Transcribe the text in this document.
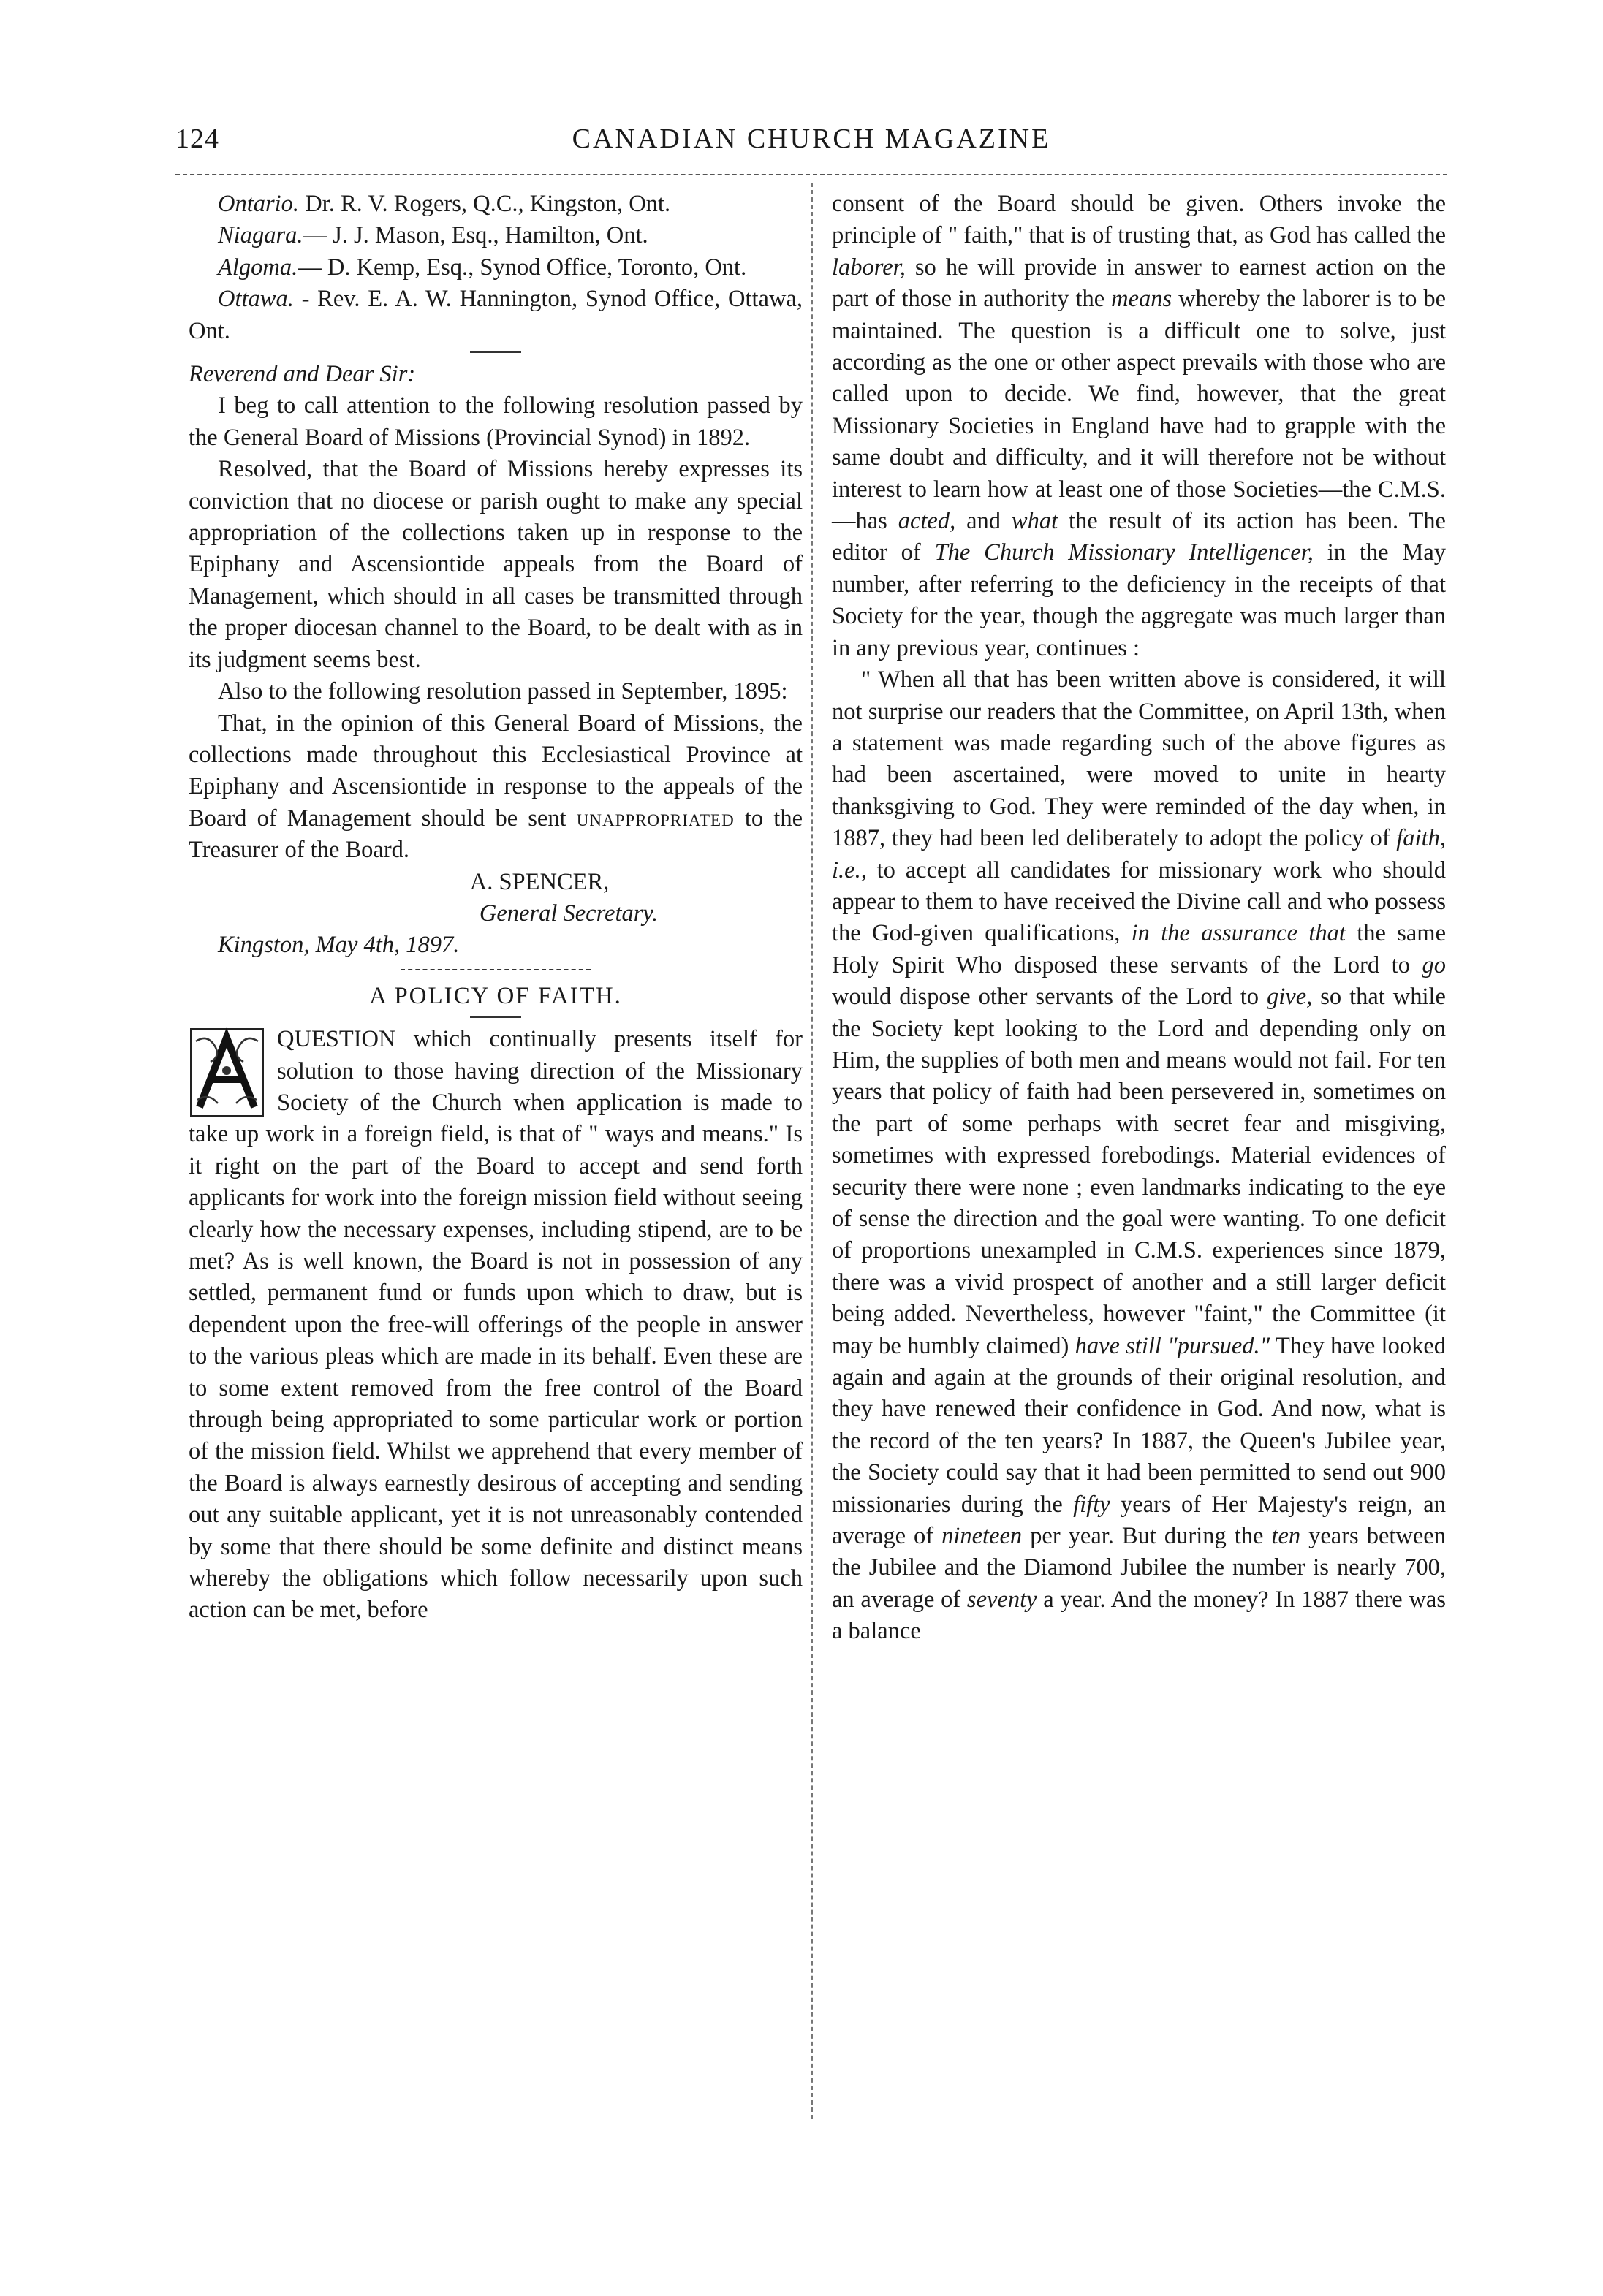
124	CANADIAN CHURCH MAGAZINE

Ontario. Dr. R. V. Rogers, Q.C., Kingston, Ont.

Niagara.— J. J. Mason, Esq., Hamilton, Ont.

Algoma.— D. Kemp, Esq., Synod Office, Toronto, Ont.

Ottawa. - Rev. E. A. W. Hannington, Synod Office, Ottawa, Ont.

Reverend and Dear Sir:

I beg to call attention to the following resolution passed by the General Board of Missions (Provincial Synod) in 1892.

Resolved, that the Board of Missions hereby expresses its conviction that no diocese or parish ought to make any special appropriation of the collections taken up in response to the Epiphany and Ascensiontide appeals from the Board of Management, which should in all cases be transmitted through the proper diocesan channel to the Board, to be dealt with as in its judgment seems best.

Also to the following resolution passed in September, 1895:

That, in the opinion of this General Board of Missions, the collections made throughout this Ecclesiastical Province at Epiphany and Ascensiontide in response to the appeals of the Board of Management should be sent unappropriated to the Treasurer of the Board.

A. SPENCER,

General Secretary.

Kingston, May 4th, 1897.

A POLICY OF FAITH.

QUESTION which continually presents itself for solution to those having direction of the Missionary Society of the Church when application is made to take up work in a foreign field, is that of " ways and means." Is it right on the part of the Board to accept and send forth applicants for work into the foreign mission field without seeing clearly how the necessary expenses, including stipend, are to be met? As is well known, the Board is not in possession of any settled, permanent fund or funds upon which to draw, but is dependent upon the free-will offerings of the people in answer to the various pleas which are made in its behalf. Even these are to some extent removed from the free control of the Board through being appropriated to some particular work or portion of the mission field. Whilst we apprehend that every member of the Board is always earnestly desirous of accepting and sending out any suitable applicant, yet it is not unreasonably contended by some that there should be some definite and distinct means whereby the obligations which follow necessarily upon such action can be met, before

consent of the Board should be given. Others invoke the principle of " faith," that is of trusting that, as God has called the laborer, so he will provide in answer to earnest action on the part of those in authority the means whereby the laborer is to be maintained. The question is a difficult one to solve, just according as the one or other aspect prevails with those who are called upon to decide. We find, however, that the great Missionary Societies in England have had to grapple with the same doubt and difficulty, and it will therefore not be without interest to learn how at least one of those Societies—the C.M.S.—has acted, and what the result of its action has been. The editor of The Church Missionary Intelligencer, in the May number, after referring to the deficiency in the receipts of that Society for the year, though the aggregate was much larger than in any previous year, continues :

" When all that has been written above is considered, it will not surprise our readers that the Committee, on April 13th, when a statement was made regarding such of the above figures as had been ascertained, were moved to unite in hearty thanksgiving to God. They were reminded of the day when, in 1887, they had been led deliberately to adopt the policy of faith, i.e., to accept all candidates for missionary work who should appear to them to have received the Divine call and who possess the God-given qualifications, in the assurance that the same Holy Spirit Who disposed these servants of the Lord to go would dispose other servants of the Lord to give, so that while the Society kept looking to the Lord and depending only on Him, the supplies of both men and means would not fail. For ten years that policy of faith had been persevered in, sometimes on the part of some perhaps with secret fear and misgiving, sometimes with expressed forebodings. Material evidences of security there were none ; even landmarks indicating to the eye of sense the direction and the goal were wanting. To one deficit of proportions unexampled in C.M.S. experiences since 1879, there was a vivid prospect of another and a still larger deficit being added. Nevertheless, however "faint," the Committee (it may be humbly claimed) have still "pursued." They have looked again and again at the grounds of their original resolution, and they have renewed their confidence in God. And now, what is the record of the ten years? In 1887, the Queen's Jubilee year, the Society could say that it had been permitted to send out 900 missionaries during the fifty years of Her Majesty's reign, an average of nineteen per year. But during the ten years between the Jubilee and the Diamond Jubilee the number is nearly 700, an average of seventy a year. And the money? In 1887 there was a balance
